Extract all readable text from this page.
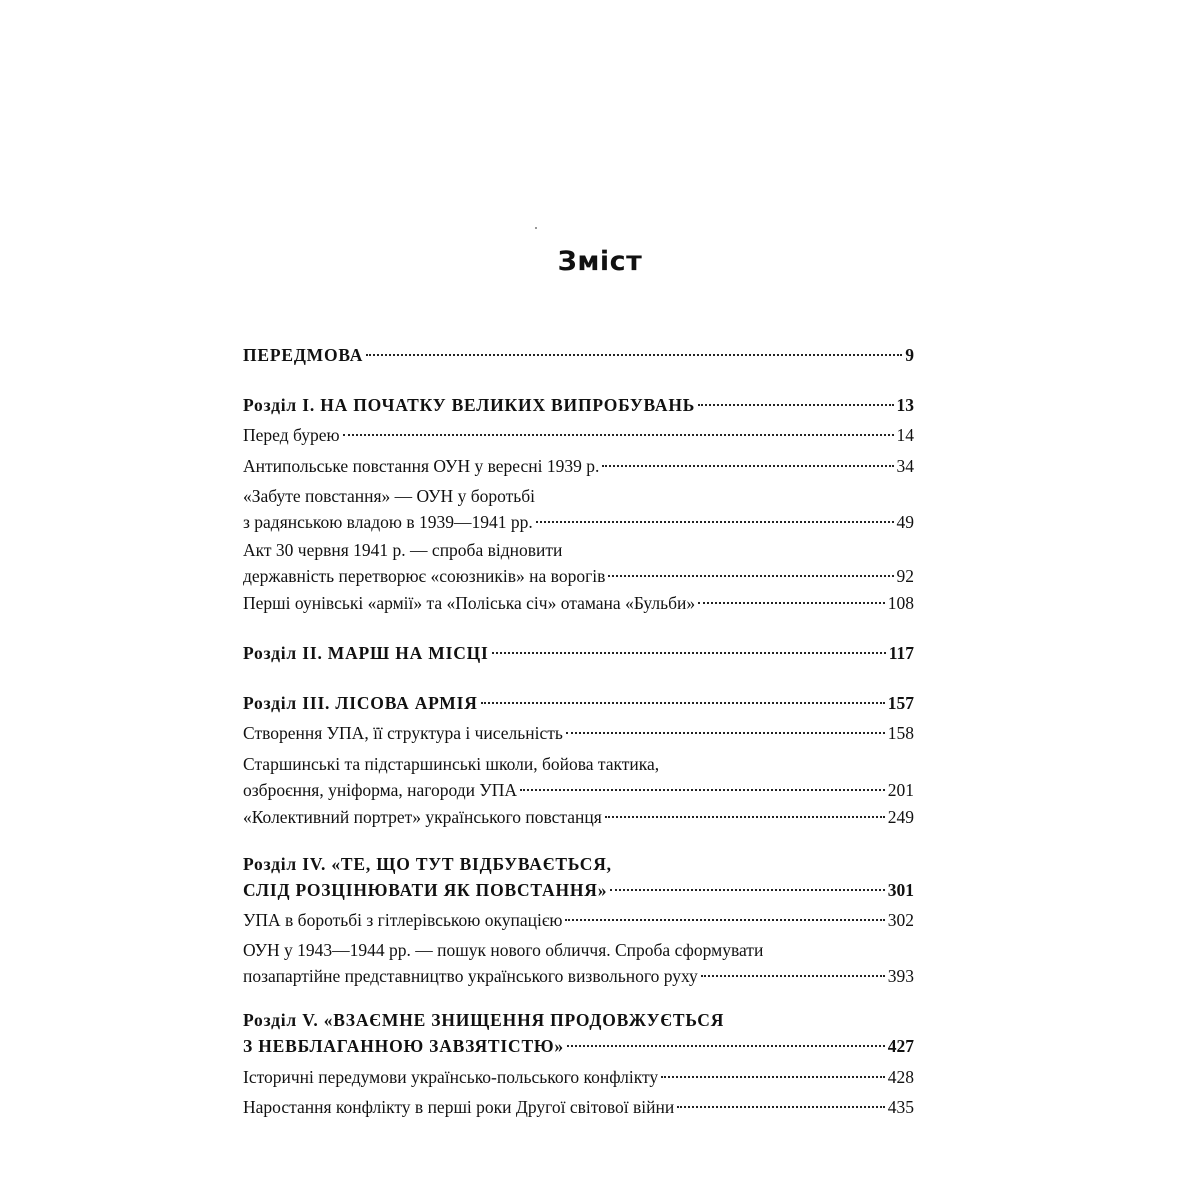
Зміст
ПЕРЕДМОВА	9
Розділ I. НА ПОЧАТКУ ВЕЛИКИХ ВИПРОБУВАНЬ	13
Перед бурею	14
Антипольське повстання ОУН у вересні 1939 р.	34
«Забуте повстання» — ОУН у боротьбі
з радянською владою в 1939—1941 рр.	49
Акт 30 червня 1941 р. — спроба відновити
державність перетворює «союзників» на ворогів	92
Перші оунівські «армії» та «Поліська січ» отамана «Бульби»	108
Розділ II. МАРШ НА МІСЦІ	117
Розділ III. ЛІСОВА АРМІЯ	157
Створення УПА, її структура і чисельність	158
Старшинські та підстаршинські школи, бойова тактика,
озброєння, уніформа, нагороди УПА	201
«Колективний портрет» українського повстанця	249
Розділ IV. «ТЕ, ЩО ТУТ ВІДБУВАЄТЬСЯ,
СЛІД РОЗЦІНЮВАТИ ЯК ПОВСТАННЯ»	301
УПА в боротьбі з гітлерівською окупацією	302
ОУН у 1943—1944 рр. — пошук нового обличчя. Спроба сформувати
позапартійне представництво українського визвольного руху	393
Розділ V. «ВЗАЄМНЕ ЗНИЩЕННЯ ПРОДОВЖУЄТЬСЯ
З НЕВБЛАГАННОЮ ЗАВЗЯТІСТЮ»	427
Історичні передумови українсько-польського конфлікту	428
Наростання конфлікту в перші роки Другої світової війни	435
